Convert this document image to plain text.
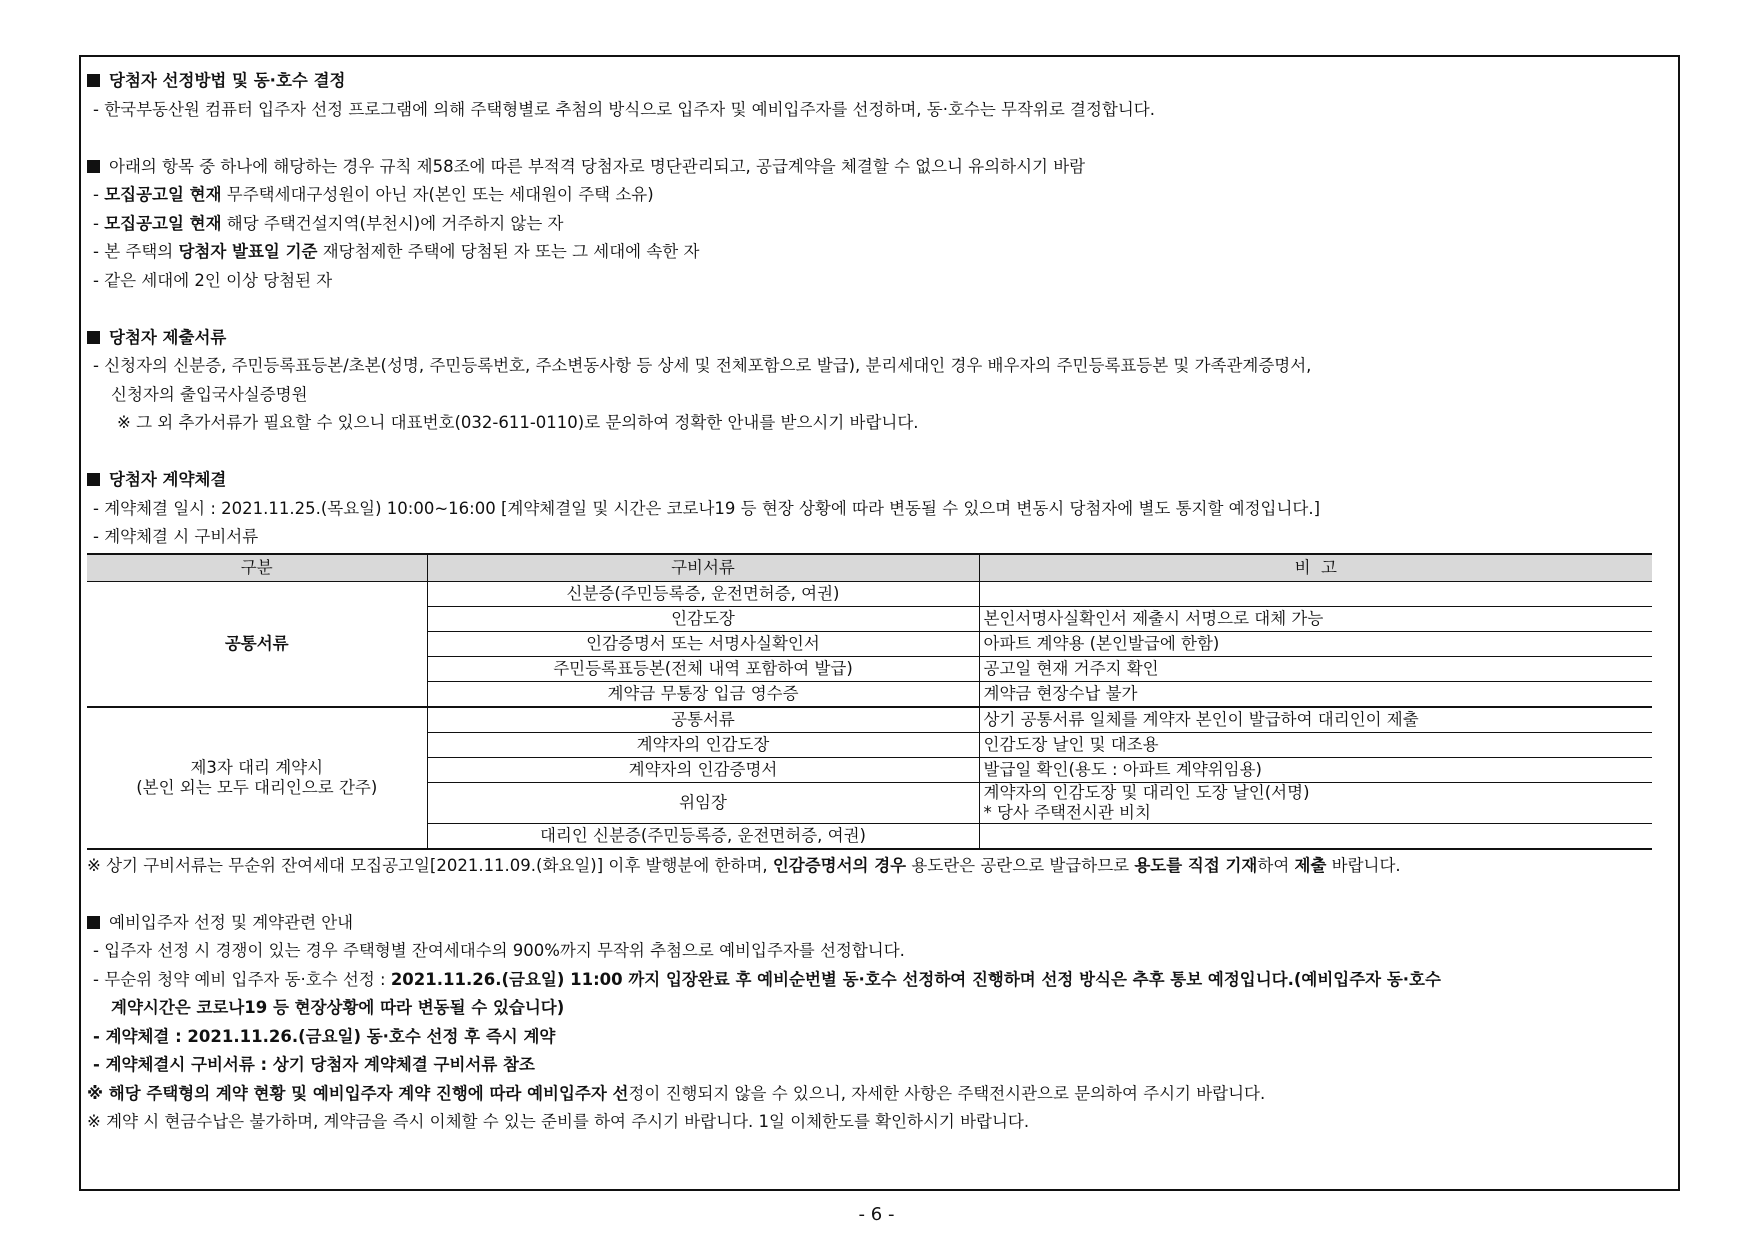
당첨자 선정방법 및 동·호수 결정
- 한국부동산원 컴퓨터 입주자 선정 프로그램에 의해 주택형별로 추첨의 방식으로 입주자 및 예비입주자를 선정하며, 동·호수는 무작위로 결정합니다.
아래의 항목 중 하나에 해당하는 경우 규칙 제58조에 따른 부적격 당첨자로 명단관리되고, 공급계약을 체결할 수 없으니 유의하시기 바람
- 모집공고일 현재 무주택세대구성원이 아닌 자(본인 또는 세대원이 주택 소유)
- 모집공고일 현재 해당 주택건설지역(부천시)에 거주하지 않는 자
- 본 주택의 당첨자 발표일 기준 재당첨제한 주택에 당첨된 자 또는 그 세대에 속한 자
- 같은 세대에 2인 이상 당첨된 자
당첨자 제출서류
- 신청자의 신분증, 주민등록표등본/초본(성명, 주민등록번호, 주소변동사항 등 상세 및 전체포함으로 발급), 분리세대인 경우 배우자의 주민등록표등본 및 가족관계증명서,
신청자의 출입국사실증명원
※ 그 외 추가서류가 필요할 수 있으니 대표번호(032-611-0110)로 문의하여 정확한 안내를 받으시기 바랍니다.
당첨자 계약체결
- 계약체결 일시 : 2021.11.25.(목요일) 10:00~16:00 [계약체결일 및 시간은 코로나19 등 현장 상황에 따라 변동될 수 있으며 변동시 당첨자에 별도 통지할 예정입니다.]
- 계약체결 시 구비서류
구분	구비서류	비  고
공통서류	신분증(주민등록증, 운전면허증, 여권)	
	인감도장	본인서명사실확인서 제출시 서명으로 대체 가능
	인감증명서 또는 서명사실확인서	아파트 계약용 (본인발급에 한함)
	주민등록표등본(전체 내역 포함하여 발급)	공고일 현재 거주지 확인
	계약금 무통장 입금 영수증	계약금 현장수납 불가

제3자 대리 계약시
(본인 외는 모두 대리인으로 간주)	공통서류	상기 공통서류 일체를 계약자 본인이 발급하여 대리인이 제출
	계약자의 인감도장	인감도장 날인 및 대조용
	계약자의 인감증명서	발급일 확인(용도 : 아파트 계약위임용)
	위임장	계약자의 인감도장 및 대리인 도장 날인(서명)
* 당사 주택전시관 비치

	대리인 신분증(주민등록증, 운전면허증, 여권)	
※ 상기 구비서류는 무순위 잔여세대 모집공고일[2021.11.09.(화요일)] 이후 발행분에 한하며, 인감증명서의 경우 용도란은 공란으로 발급하므로 용도를 직접 기재하여 제출 바랍니다.
예비입주자 선정 및 계약관련 안내
- 입주자 선정 시 경쟁이 있는 경우 주택형별 잔여세대수의 900%까지 무작위 추첨으로 예비입주자를 선정합니다.
- 무순위 청약 예비 입주자 동·호수 선정 : 2021.11.26.(금요일) 11:00 까지 입장완료 후 예비순번별 동·호수 선정하여 진행하며 선정 방식은 추후 통보 예정입니다.(예비입주자 동·호수
계약시간은 코로나19 등 현장상황에 따라 변동될 수 있습니다)
- 계약체결 : 2021.11.26.(금요일) 동·호수 선정 후 즉시 계약
- 계약체결시 구비서류 : 상기 당첨자 계약체결 구비서류 참조
※ 해당 주택형의 계약 현황 및 예비입주자 계약 진행에 따라 예비입주자 선정이 진행되지 않을 수 있으니, 자세한 사항은 주택전시관으로 문의하여 주시기 바랍니다.
※ 계약 시 현금수납은 불가하며, 계약금을 즉시 이체할 수 있는 준비를 하여 주시기 바랍니다. 1일 이체한도를 확인하시기 바랍니다.
- 6 -
